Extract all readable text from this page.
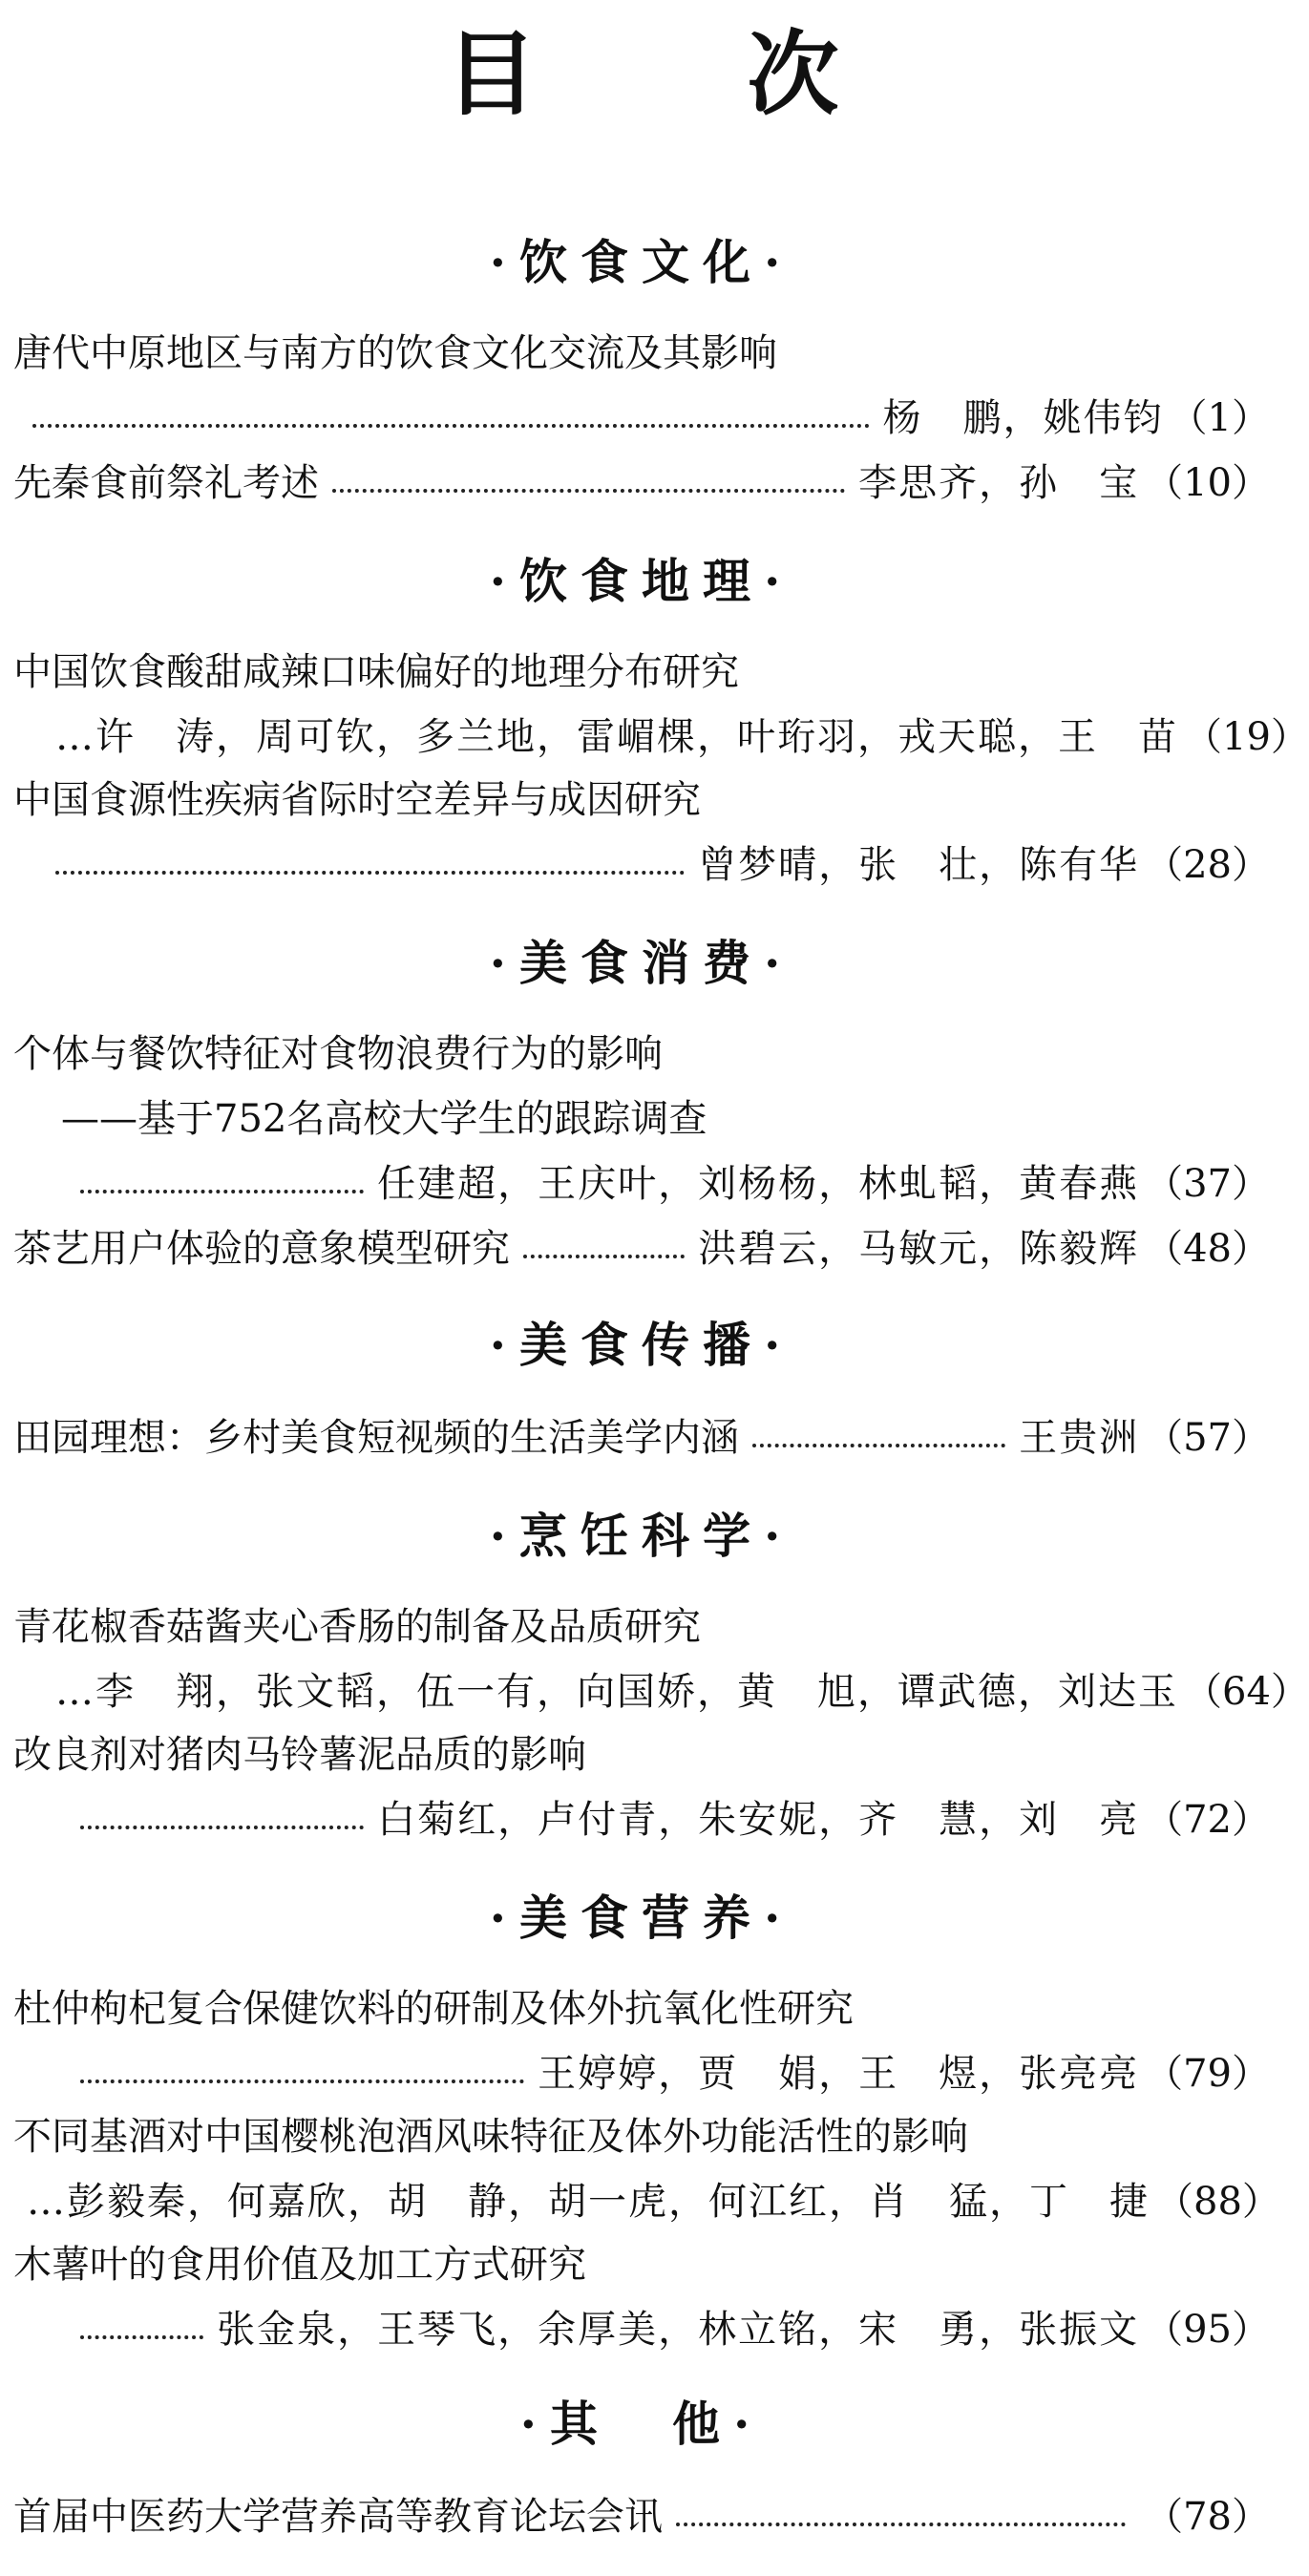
目 次
·饮食文化·
唐代中原地区与南方的饮食文化交流及其影响
杨　鹏，姚伟钧 （1）
先秦食前祭礼考述	李思齐，孙　宝 （10）
·饮食地理·
中国饮食酸甜咸辣口味偏好的地理分布研究
…许　涛，周可钦，多兰地，雷嵋棵，叶珩羽，戎天聪，王　苗 （19）
中国食源性疾病省际时空差异与成因研究
曾梦晴，张　壮，陈有华 （28）
·美食消费·
个体与餐饮特征对食物浪费行为的影响
——基于752名高校大学生的跟踪调查
任建超，王庆叶，刘杨杨，林虬韬，黄春燕 （37）
茶艺用户体验的意象模型研究	洪碧云，马敏元，陈毅辉 （48）
·美食传播·
田园理想：乡村美食短视频的生活美学内涵	王贵洲 （57）
·烹饪科学·
青花椒香菇酱夹心香肠的制备及品质研究
…李　翔，张文韬，伍一有，向国娇，黄　旭，谭武德，刘达玉 （64）
改良剂对猪肉马铃薯泥品质的影响
白菊红，卢付青，朱安妮，齐　慧，刘　亮 （72）
·美食营养·
杜仲枸杞复合保健饮料的研制及体外抗氧化性研究
王婷婷，贾　娟，王　煜，张亮亮 （79）
不同基酒对中国樱桃泡酒风味特征及体外功能活性的影响
…彭毅秦，何嘉欣，胡　静，胡一虎，何江红，肖　猛，丁　捷 （88）
木薯叶的食用价值及加工方式研究
张金泉，王琴飞，余厚美，林立铭，宋　勇，张振文 （95）
·其　他·
首届中医药大学营养高等教育论坛会讯	（78）
